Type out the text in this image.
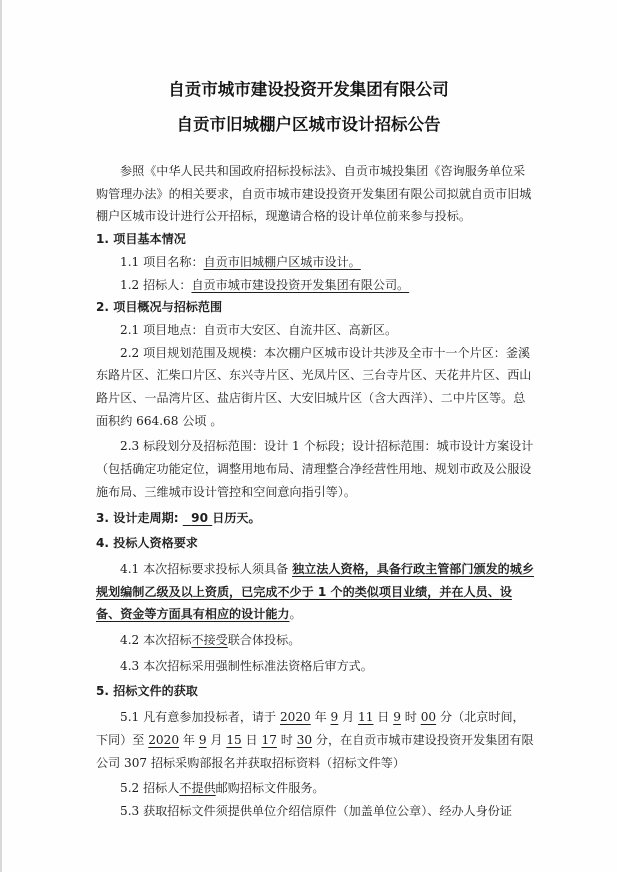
自贡市城市建设投资开发集团有限公司
自贡市旧城棚户区城市设计招标公告

参照《中华人民共和国政府招标投标法》、自贡市城投集团《咨询服务单位采购管理办法》的相关要求，自贡市城市建设投资开发集团有限公司拟就自贡市旧城棚户区城市设计进行公开招标，现邀请合格的设计单位前来参与投标。

1. 项目基本情况

1.1 项目名称：自贡市旧城棚户区城市设计。

1.2 招标人：自贡市城市建设投资开发集团有限公司。

2. 项目概况与招标范围

2.1 项目地点：自贡市大安区、自流井区、高新区。

2.2 项目规划范围及规模：本次棚户区城市设计共涉及全市十一个片区：釜溪东路片区、汇柴口片区、东兴寺片区、光凤片区、三台寺片区、天花井片区、西山路片区、一品湾片区、盐店街片区、大安旧城片区（含大西洋）、二中片区等。总面积约 664.68 公顷 。

2.3 标段划分及招标范围：设计 1 个标段；设计招标范围：城市设计方案设计（包括确定功能定位，调整用地布局、清理整合净经营性用地、规划市政及公服设施布局、三维城市设计管控和空间意向指引等）。

3. 设计走周期: 90 日历天。

4. 投标人资格要求

4.1 本次招标要求投标人须具备 独立法人资格，具备行政主管部门颁发的城乡规划编制乙级及以上资质，已完成不少于 1 个的类似项目业绩，并在人员、设备、资金等方面具有相应的设计能力。

4.2 本次招标不接受联合体投标。

4.3 本次招标采用强制性标准法资格后审方式。

5. 招标文件的获取

5.1 凡有意参加投标者，请于 2020 年 9 月 11 日 9 时 00 分（北京时间，下同）至 2020 年 9 月 15 日 17 时 30 分，在自贡市城市建设投资开发集团有限公司 307 招标采购部报名并获取招标资料（招标文件等）

5.2 招标人不提供邮购招标文件服务。

5.3 获取招标文件须提供单位介绍信原件（加盖单位公章）、经办人身份证
